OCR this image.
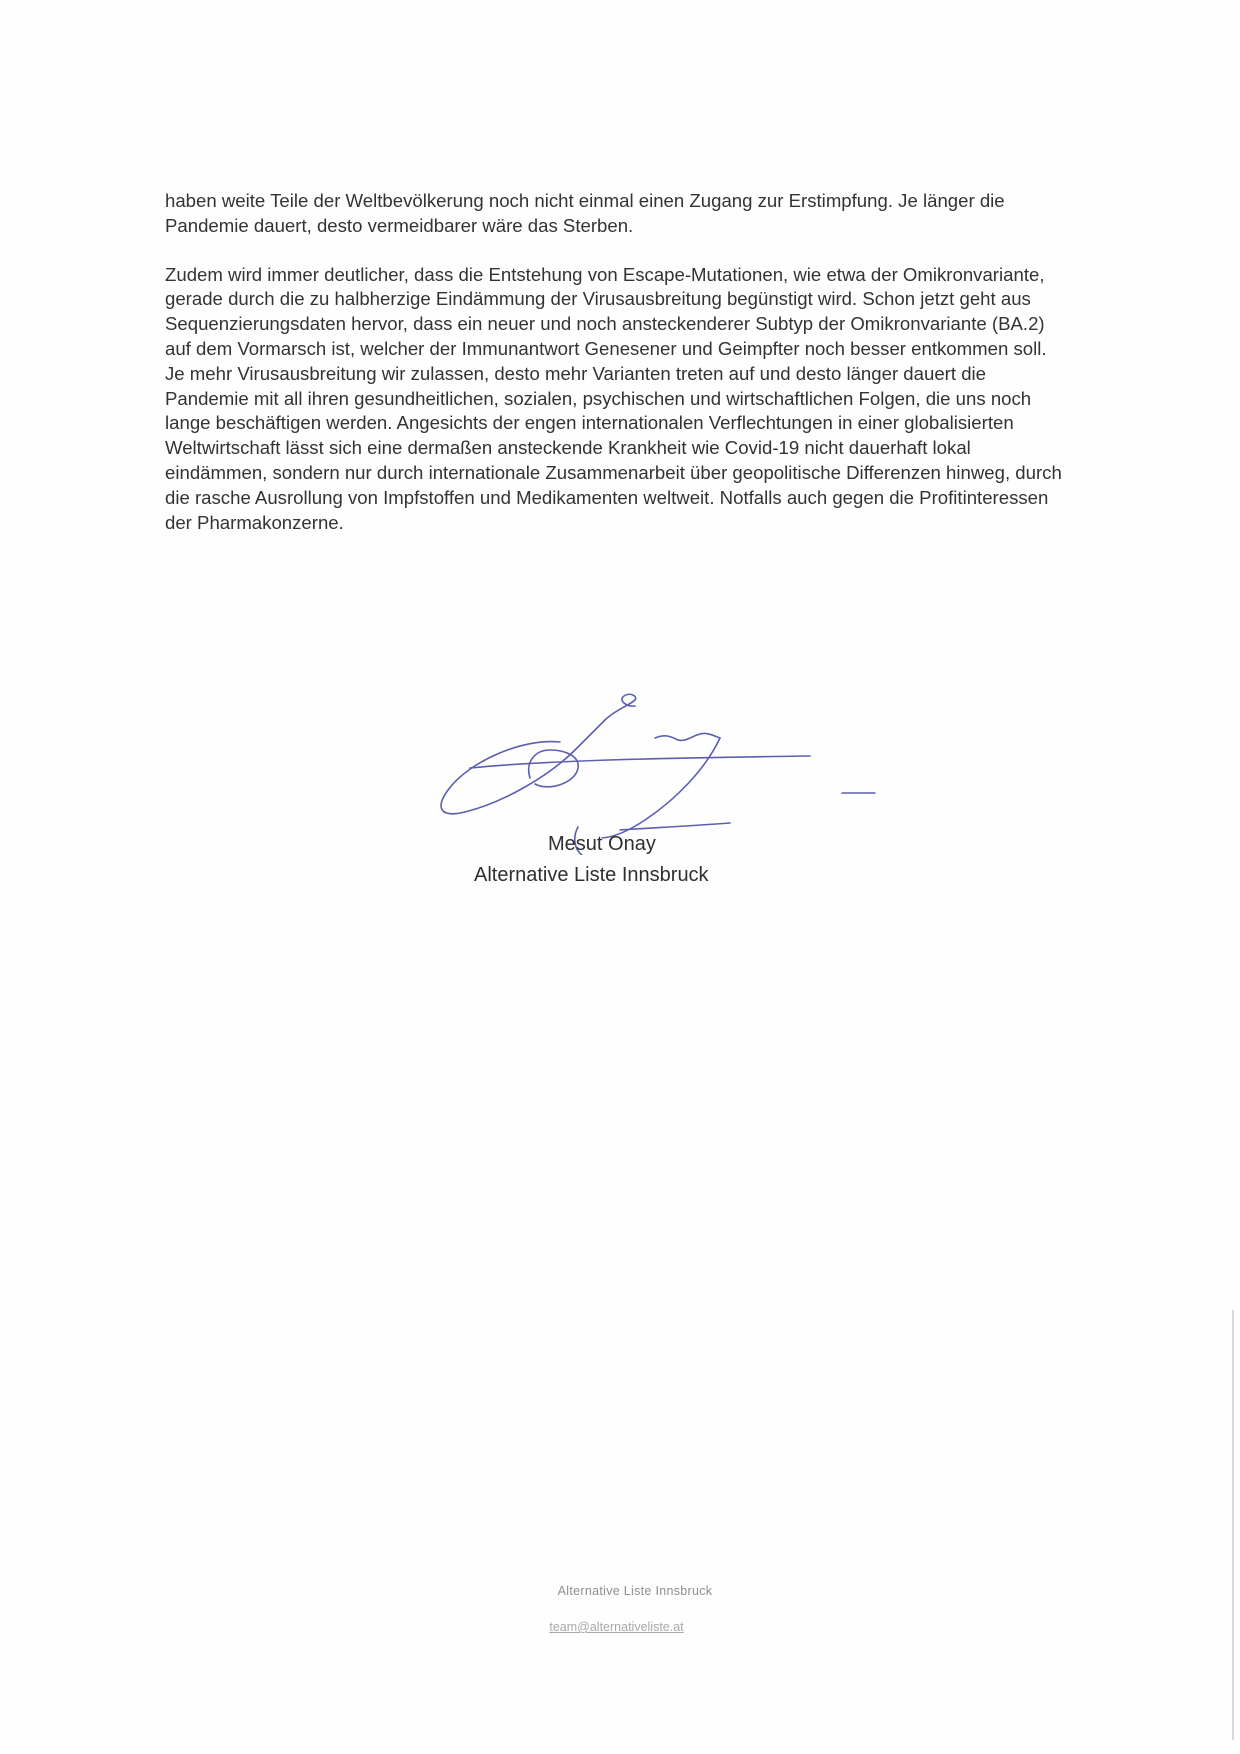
haben weite Teile der Weltbevölkerung noch nicht einmal einen Zugang zur Erstimpfung. Je länger die Pandemie dauert, desto vermeidbarer wäre das Sterben.

Zudem wird immer deutlicher, dass die Entstehung von Escape-Mutationen, wie etwa der Omikronvariante, gerade durch die zu halbherzige Eindämmung der Virusausbreitung begünstigt wird. Schon jetzt geht aus Sequenzierungsdaten hervor, dass ein neuer und noch ansteckenderer Subtyp der Omikronvariante (BA.2) auf dem Vormarsch ist, welcher der Immunantwort Genesener und Geimpfter noch besser entkommen soll. Je mehr Virusausbreitung wir zulassen, desto mehr Varianten treten auf und desto länger dauert die Pandemie mit all ihren gesundheitlichen, sozialen, psychischen und wirtschaftlichen Folgen, die uns noch lange beschäftigen werden. Angesichts der engen internationalen Verflechtungen in einer globalisierten Weltwirtschaft lässt sich eine dermaßen ansteckende Krankheit wie Covid-19 nicht dauerhaft lokal eindämmen, sondern nur durch internationale Zusammenarbeit über geopolitische Differenzen hinweg, durch die rasche Ausrollung von Impfstoffen und Medikamenten weltweit. Notfalls auch gegen die Profitinteressen der Pharmakonzerne.

Mesut Onay
Alternative Liste Innsbruck
Alternative Liste Innsbruck

team@alternativeliste.at
